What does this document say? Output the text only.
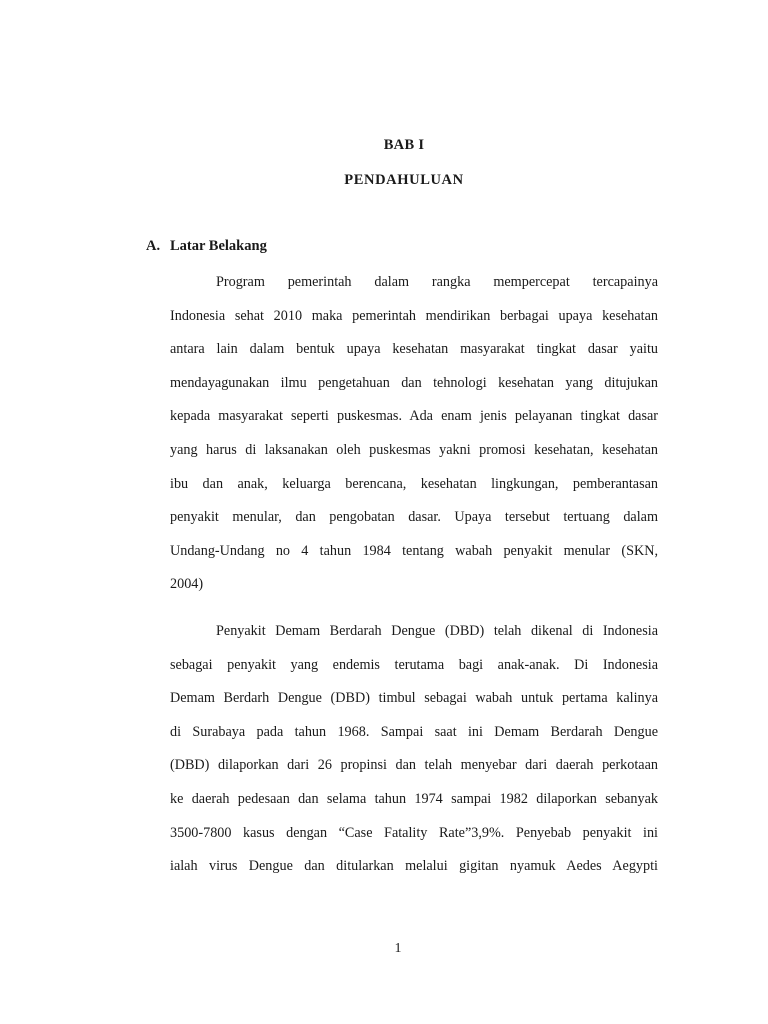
BAB I
PENDAHULUAN
A. Latar Belakang
Program pemerintah dalam rangka mempercepat tercapainya
Indonesia sehat 2010 maka pemerintah mendirikan berbagai upaya kesehatan
antara lain dalam bentuk upaya kesehatan masyarakat tingkat dasar yaitu
mendayagunakan ilmu pengetahuan dan tehnologi kesehatan yang ditujukan
kepada masyarakat seperti puskesmas. Ada enam jenis pelayanan tingkat dasar
yang harus di laksanakan oleh puskesmas yakni promosi kesehatan, kesehatan
ibu dan anak, keluarga berencana, kesehatan lingkungan, pemberantasan
penyakit menular, dan pengobatan dasar. Upaya tersebut tertuang dalam
Undang-Undang no 4 tahun 1984 tentang wabah penyakit menular (SKN,
2004)
Penyakit Demam Berdarah Dengue (DBD) telah dikenal di Indonesia
sebagai penyakit yang endemis terutama bagi anak-anak. Di Indonesia
Demam Berdarh Dengue (DBD) timbul sebagai wabah untuk pertama kalinya
di Surabaya pada tahun 1968. Sampai saat ini Demam Berdarah Dengue
(DBD) dilaporkan dari 26 propinsi dan telah menyebar dari daerah perkotaan
ke daerah pedesaan dan selama tahun 1974 sampai 1982 dilaporkan sebanyak
3500-7800 kasus dengan “Case Fatality Rate”3,9%. Penyebab penyakit ini
ialah virus Dengue dan ditularkan melalui gigitan nyamuk Aedes Aegypti
1
